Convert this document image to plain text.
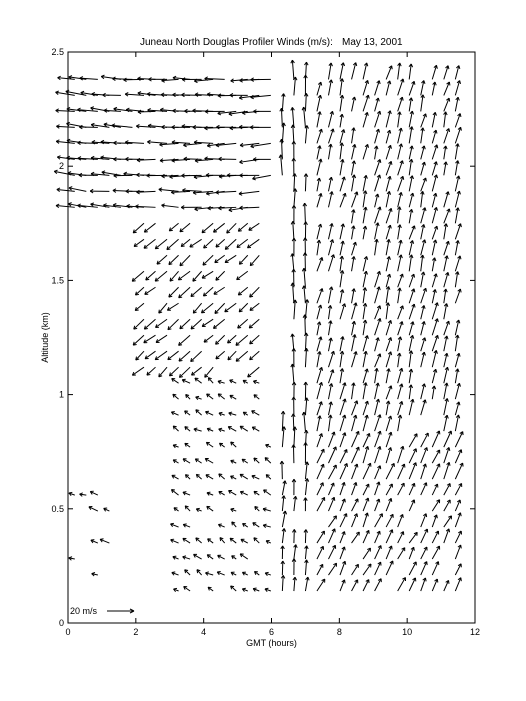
Juneau North Douglas Profiler Winds (m/s): May 13, 2001
0	2	4	6	8	10	12
0
0.5
1
1.5
2
2.5
GMT (hours)
Altitude (km)
20 m/s
